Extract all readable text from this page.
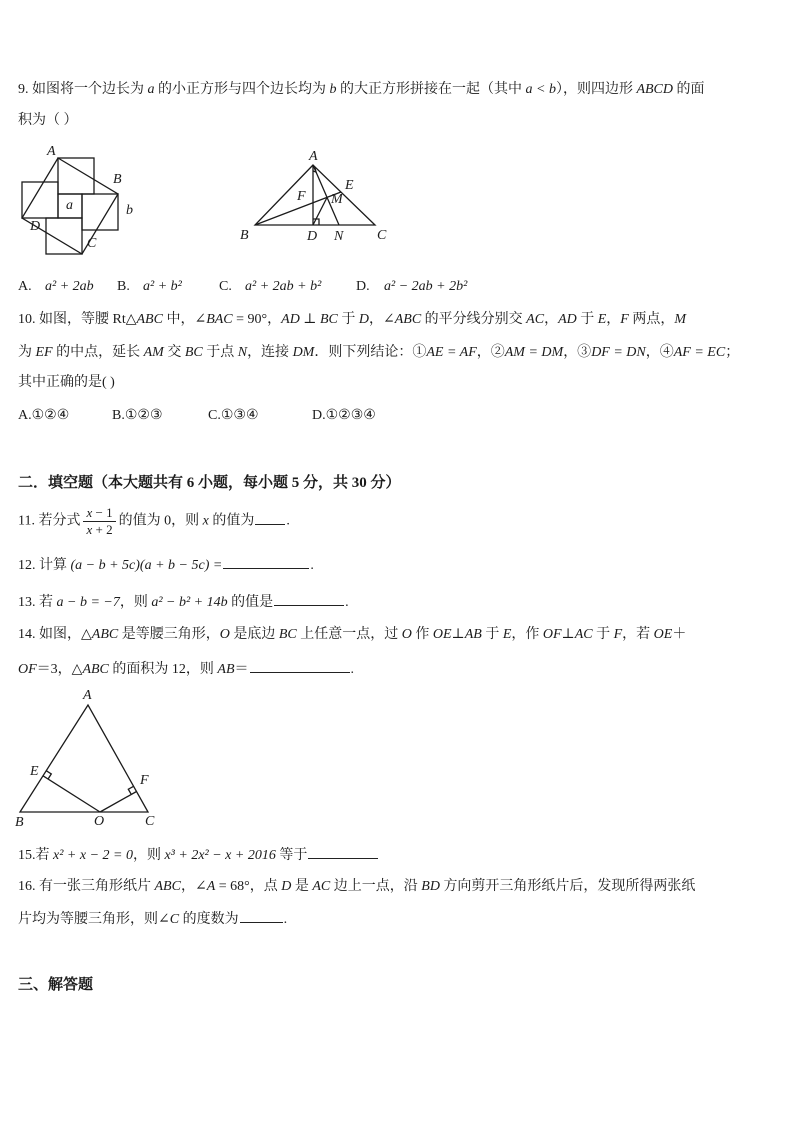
9. 如图将一个边长为 a 的小正方形与四个边长均为 b 的大正方形拼接在一起（其中 a < b），则四边形 ABCD 的面
积为（ ）
A
B
C
D
a	b
A
B	C
D N
E
F M
A. a² + 2ab B. a² + b²	C. a² + 2ab + b² D. a² − 2ab + 2b²
10. 如图，等腰 Rt△ABC 中，∠BAC = 90°，AD ⊥ BC 于 D，∠ABC 的平分线分别交 AC，AD 于 E，F 两点，M
为 EF 的中点，延长 AM 交 BC 于点 N，连接 DM．则下列结论：①AE = AF，②AM = DM，③DF = DN，④AF = EC；
其中正确的是( )
A.①②④	B.①②③	C.①③④	D.①②③④
二．填空题（本大题共有 6 小题，每小题 5 分，共 30 分）
11. 若分式 $\frac{x - 1}{x + 2}$ 的值为 0，则 x 的值为 .
12. 计算 (a − b + 5c)(a + b − 5c) =	.
13. 若 a − b = −7，则 a² − b² + 14b 的值是	.
14. 如图，△ABC 是等腰三角形，O 是底边 BC 上任意一点，过 O 作 OE⊥AB 于 E，作 OF⊥AC 于 F，若 OE＋
OF＝3，△ABC 的面积为 12，则 AB＝	.
A
E
F
B	O	C
15.若 x² + x − 2 = 0，则 x³ + 2x² − x + 2016 等于
16. 有一张三角形纸片 ABC，∠A = 68°，点 D 是 AC 边上一点，沿 BD 方向剪开三角形纸片后，发现所得两张纸
片均为等腰三角形，则∠C 的度数为	.
三、解答题
